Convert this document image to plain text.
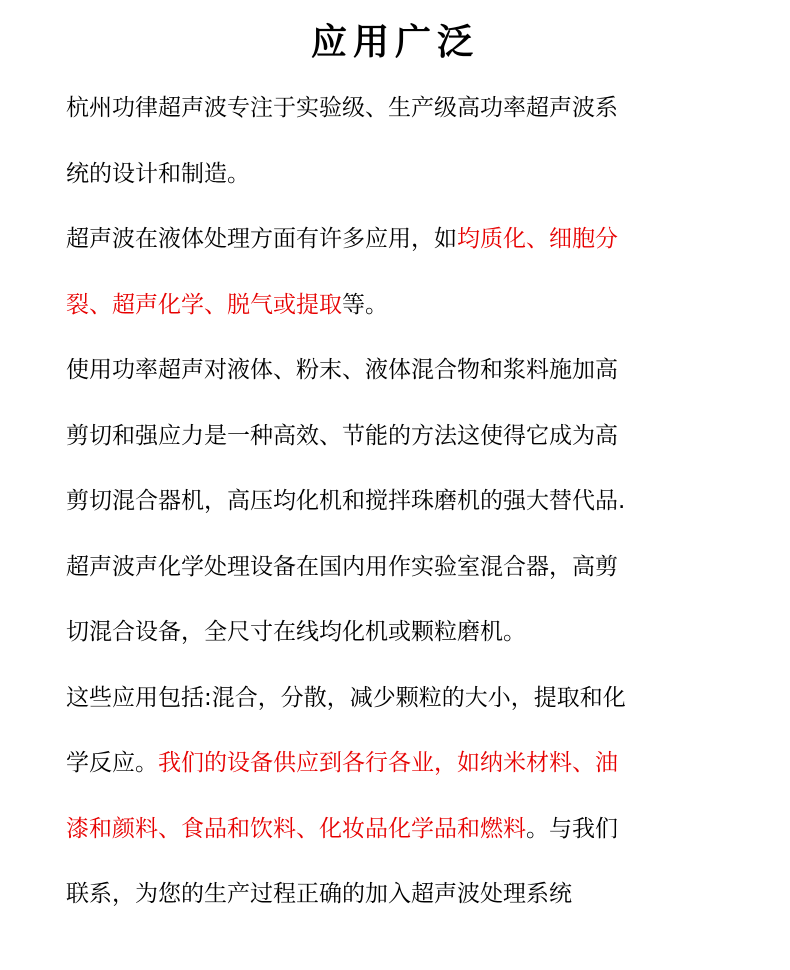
应用广泛
杭州功律超声波专注于实验级、生产级高功率超声波系
统的设计和制造。
超声波在液体处理方面有许多应用，如均质化、细胞分
裂、超声化学、脱气或提取等。
使用功率超声对液体、粉末、液体混合物和浆料施加高
剪切和强应力是一种高效、节能的方法这使得它成为高
剪切混合器机，高压均化机和搅拌珠磨机的强大替代品.
超声波声化学处理设备在国内用作实验室混合器，高剪
切混合设备，全尺寸在线均化机或颗粒磨机。
这些应用包括:混合，分散，减少颗粒的大小，提取和化
学反应。我们的设备供应到各行各业，如纳米材料、油
漆和颜料、食品和饮料、化妆品化学品和燃料。与我们
联系，为您的生产过程正确的加入超声波处理系统
